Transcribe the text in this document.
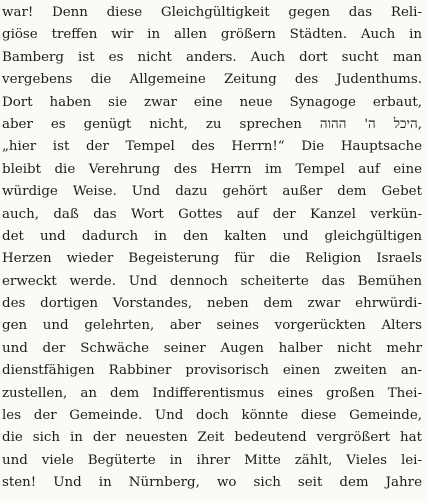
war! Denn diese Gleichgültigkeit gegen das Reli-
giöse treffen wir in allen größern Städten. Auch in
Bamberg ist es nicht anders. Auch dort sucht man
vergebens die Allgemeine Zeitung des Judenthums.
Dort haben sie zwar eine neue Synagoge erbaut,
aber es genügt nicht, zu sprechen היכל ה' ההוה,
„hier ist der Tempel des Herrn!“ Die Hauptsache
bleibt die Verehrung des Herrn im Tempel auf eine
würdige Weise. Und dazu gehört außer dem Gebet
auch, daß das Wort Gottes auf der Kanzel verkün-
det und dadurch in den kalten und gleichgültigen
Herzen wieder Begeisterung für die Religion Israels
erweckt werde. Und dennoch scheiterte das Bemühen
des dortigen Vorstandes, neben dem zwar ehrwürdi-
gen und gelehrten, aber seines vorgerückten Alters
und der Schwäche seiner Augen halber nicht mehr
dienstfähigen Rabbiner provisorisch einen zweiten an-
zustellen, an dem Indifferentismus eines großen Thei-
les der Gemeinde. Und doch könnte diese Gemeinde,
die sich in der neuesten Zeit bedeutend vergrößert hat
und viele Begüterte in ihrer Mitte zählt, Vieles lei-
sten! Und in Nürnberg, wo sich seit dem Jahre
